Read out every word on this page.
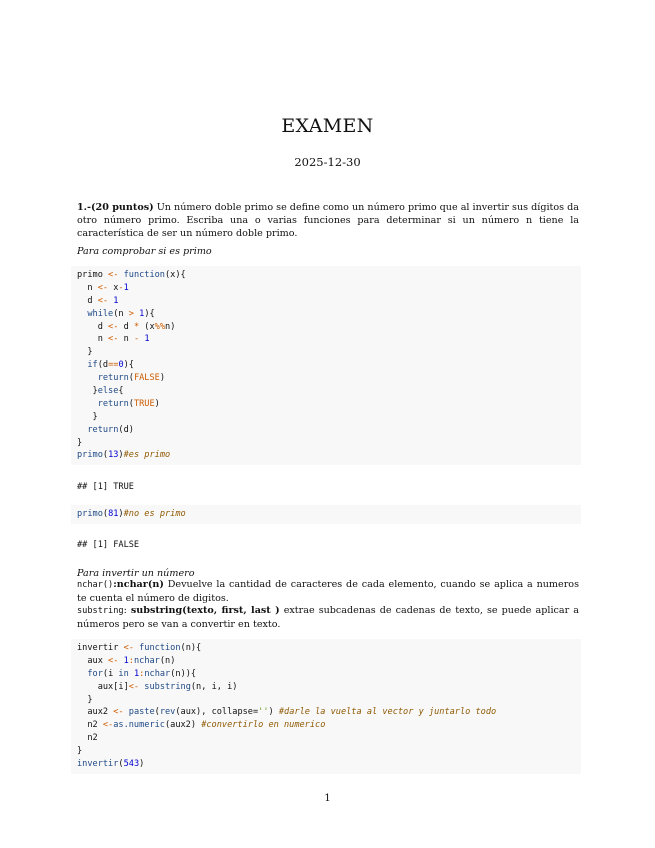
EXAMEN
2025-12-30
1.-(20 puntos) Un número doble primo se define como un número primo que al invertir sus dígitos da otro número primo. Escriba una o varias funciones para determinar si un número n tiene la característica de ser un número doble primo.
Para comprobar si es primo
primo <- function(x){
n <- x-1
d <- 1
while(n > 1){
d <- d * (x%%n)
n <- n - 1
}
if(d==0){
return(FALSE)
}else{
return(TRUE)
}
return(d)
}
primo(13)#es primo
## [1] TRUE
primo(81)#no es primo
## [1] FALSE
Para invertir un número
nchar():nchar(n) Devuelve la cantidad de caracteres de cada elemento, cuando se aplica a numeros te cuenta el número de digitos.
substring: substring(texto, first, last ) extrae subcadenas de cadenas de texto, se puede aplicar a números pero se van a convertir en texto.
invertir <- function(n){
aux <- 1:nchar(n)
for(i in 1:nchar(n)){
aux[i]<- substring(n, i, i)
}
aux2 <- paste(rev(aux), collapse='') #darle la vuelta al vector y juntarlo todo
n2 <-as.numeric(aux2) #convertirlo en numerico
n2
}
invertir(543)
1
